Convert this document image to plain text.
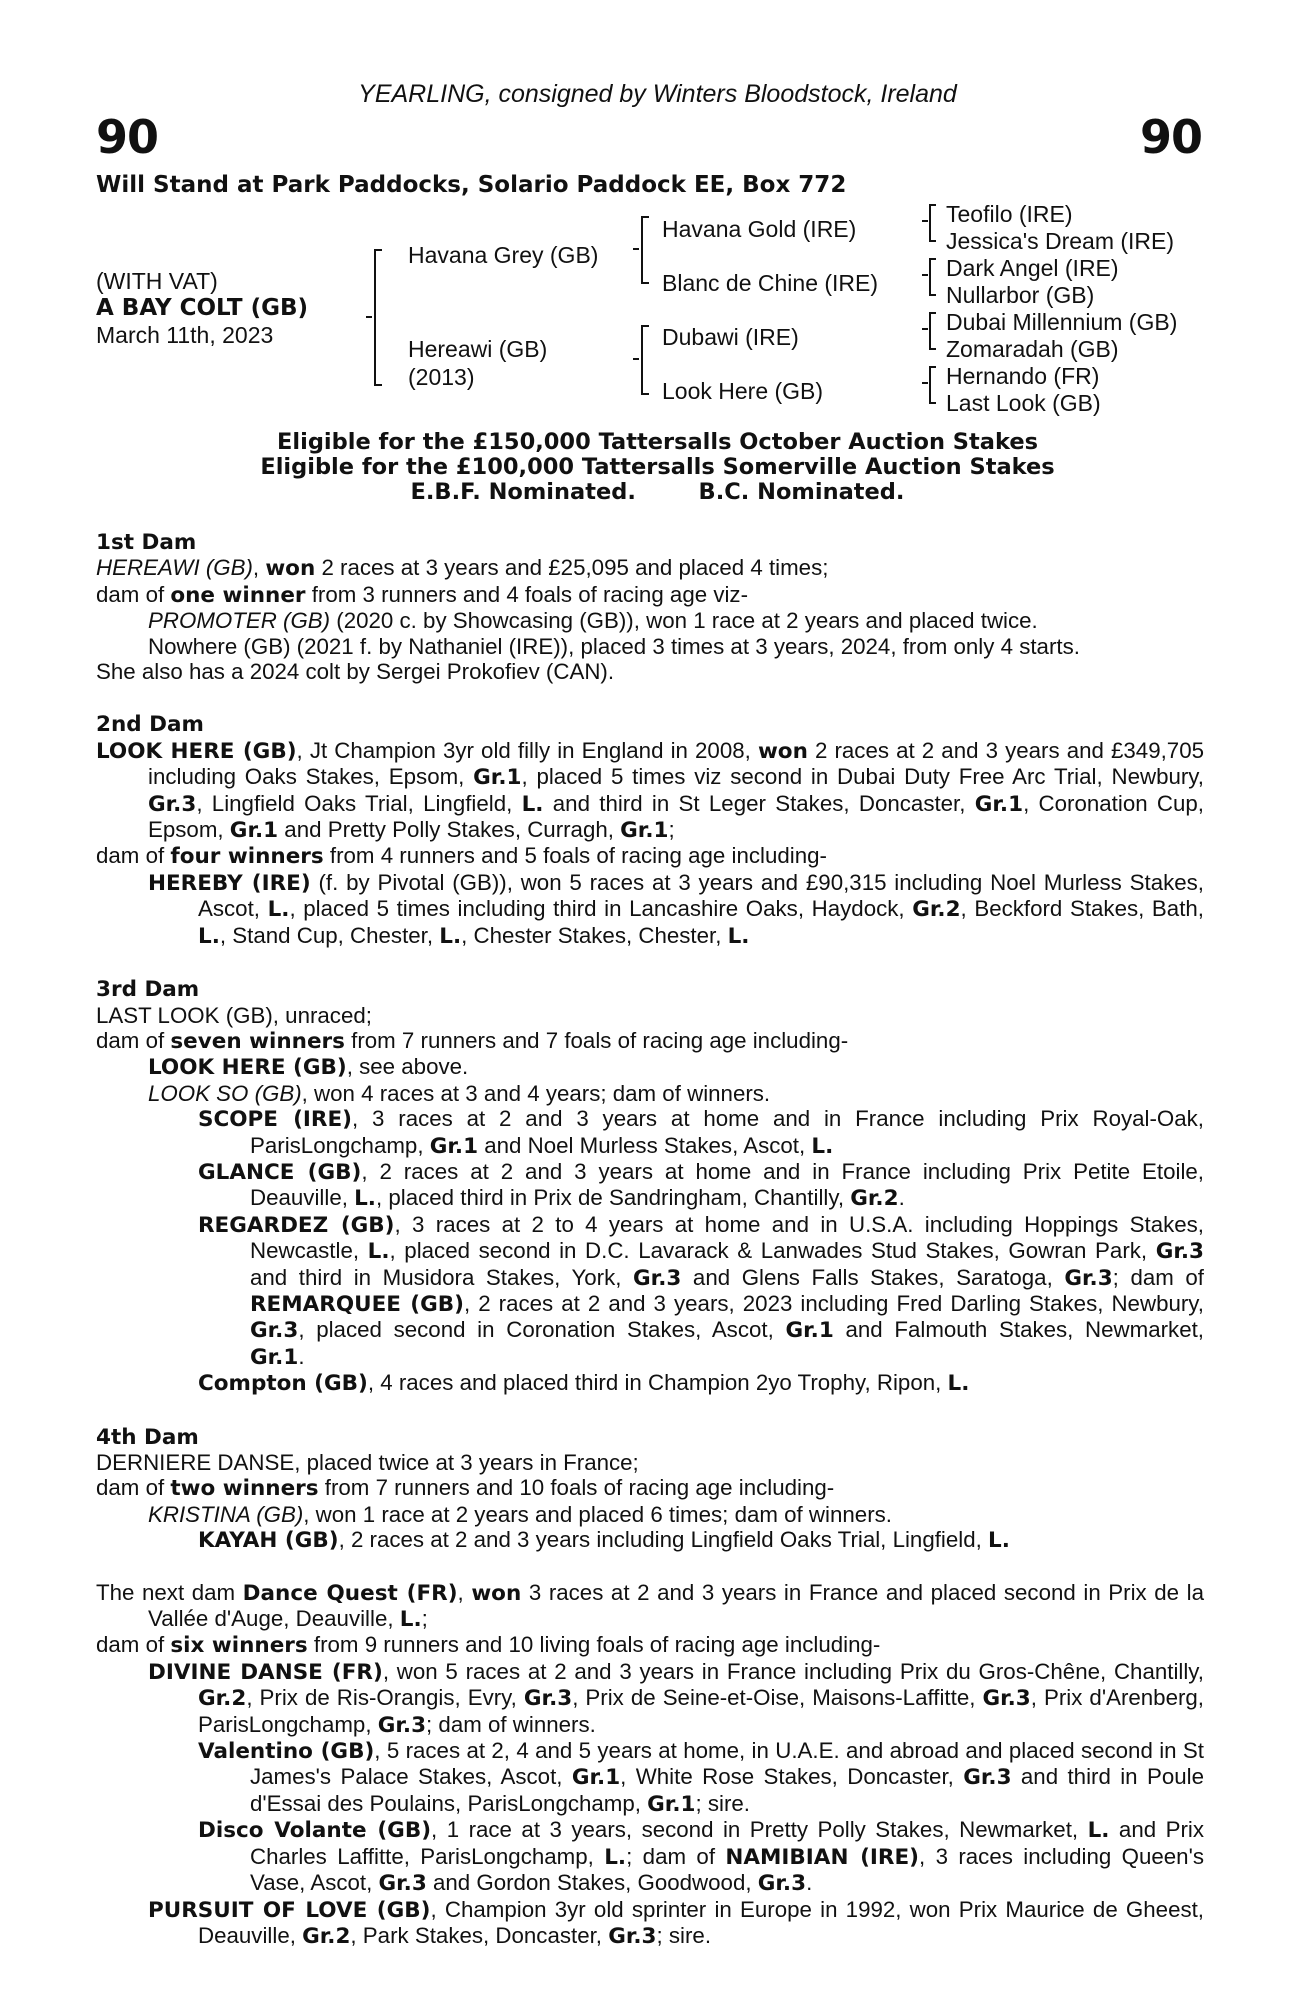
YEARLING, consigned by Winters Bloodstock, Ireland
90	90
Will Stand at Park Paddocks, Solario Paddock EE, Box 772
(WITH VAT)
A BAY COLT (GB)
March 11th, 2023
Havana Grey (GB)
Hereawi (GB)
(2013)
Havana Gold (IRE)
Blanc de Chine (IRE)
Dubawi (IRE)
Look Here (GB)
Teofilo (IRE)
Jessica's Dream (IRE)
Dark Angel (IRE)
Nullarbor (GB)
Dubai Millennium (GB)
Zomaradah (GB)
Hernando (FR)
Last Look (GB)
Eligible for the £150,000 Tattersalls October Auction Stakes
Eligible for the £100,000 Tattersalls Somerville Auction Stakes
E.B.F. Nominated.        B.C. Nominated.
1st Dam
HEREAWI (GB), won 2 races at 3 years and £25,095 and placed 4 times;
dam of one winner from 3 runners and 4 foals of racing age viz-
PROMOTER (GB) (2020 c. by Showcasing (GB)), won 1 race at 2 years and placed twice.
Nowhere (GB) (2021 f. by Nathaniel (IRE)), placed 3 times at 3 years, 2024, from only 4 starts.
She also has a 2024 colt by Sergei Prokofiev (CAN).
2nd Dam
LOOK HERE (GB), Jt Champion 3yr old filly in England in 2008, won 2 races at 2 and 3 years and £349,705 including Oaks Stakes, Epsom, Gr.1, placed 5 times viz second in Dubai Duty Free Arc Trial, Newbury, Gr.3, Lingfield Oaks Trial, Lingfield, L. and third in St Leger Stakes, Doncaster, Gr.1, Coronation Cup, Epsom, Gr.1 and Pretty Polly Stakes, Curragh, Gr.1;
dam of four winners from 4 runners and 5 foals of racing age including-
HEREBY (IRE) (f. by Pivotal (GB)), won 5 races at 3 years and £90,315 including Noel Murless Stakes, Ascot, L., placed 5 times including third in Lancashire Oaks, Haydock, Gr.2, Beckford Stakes, Bath, L., Stand Cup, Chester, L., Chester Stakes, Chester, L.
3rd Dam
LAST LOOK (GB), unraced;
dam of seven winners from 7 runners and 7 foals of racing age including-
LOOK HERE (GB), see above.
LOOK SO (GB), won 4 races at 3 and 4 years; dam of winners.
SCOPE (IRE), 3 races at 2 and 3 years at home and in France including Prix Royal-Oak, ParisLongchamp, Gr.1 and Noel Murless Stakes, Ascot, L.
GLANCE (GB), 2 races at 2 and 3 years at home and in France including Prix Petite Etoile, Deauville, L., placed third in Prix de Sandringham, Chantilly, Gr.2.
REGARDEZ (GB), 3 races at 2 to 4 years at home and in U.S.A. including Hoppings Stakes, Newcastle, L., placed second in D.C. Lavarack & Lanwades Stud Stakes, Gowran Park, Gr.3 and third in Musidora Stakes, York, Gr.3 and Glens Falls Stakes, Saratoga, Gr.3; dam of REMARQUEE (GB), 2 races at 2 and 3 years, 2023 including Fred Darling Stakes, Newbury, Gr.3, placed second in Coronation Stakes, Ascot, Gr.1 and Falmouth Stakes, Newmarket, Gr.1.
Compton (GB), 4 races and placed third in Champion 2yo Trophy, Ripon, L.
4th Dam
DERNIERE DANSE, placed twice at 3 years in France;
dam of two winners from 7 runners and 10 foals of racing age including-
KRISTINA (GB), won 1 race at 2 years and placed 6 times; dam of winners.
KAYAH (GB), 2 races at 2 and 3 years including Lingfield Oaks Trial, Lingfield, L.
The next dam Dance Quest (FR), won 3 races at 2 and 3 years in France and placed second in Prix de la Vallée d'Auge, Deauville, L.;
dam of six winners from 9 runners and 10 living foals of racing age including-
DIVINE DANSE (FR), won 5 races at 2 and 3 years in France including Prix du Gros-Chêne, Chantilly, Gr.2, Prix de Ris-Orangis, Evry, Gr.3, Prix de Seine-et-Oise, Maisons-Laffitte, Gr.3, Prix d'Arenberg, ParisLongchamp, Gr.3; dam of winners.
Valentino (GB), 5 races at 2, 4 and 5 years at home, in U.A.E. and abroad and placed second in St James's Palace Stakes, Ascot, Gr.1, White Rose Stakes, Doncaster, Gr.3 and third in Poule d'Essai des Poulains, ParisLongchamp, Gr.1; sire.
Disco Volante (GB), 1 race at 3 years, second in Pretty Polly Stakes, Newmarket, L. and Prix Charles Laffitte, ParisLongchamp, L.; dam of NAMIBIAN (IRE), 3 races including Queen's Vase, Ascot, Gr.3 and Gordon Stakes, Goodwood, Gr.3.
PURSUIT OF LOVE (GB), Champion 3yr old sprinter in Europe in 1992, won Prix Maurice de Gheest, Deauville, Gr.2, Park Stakes, Doncaster, Gr.3; sire.
